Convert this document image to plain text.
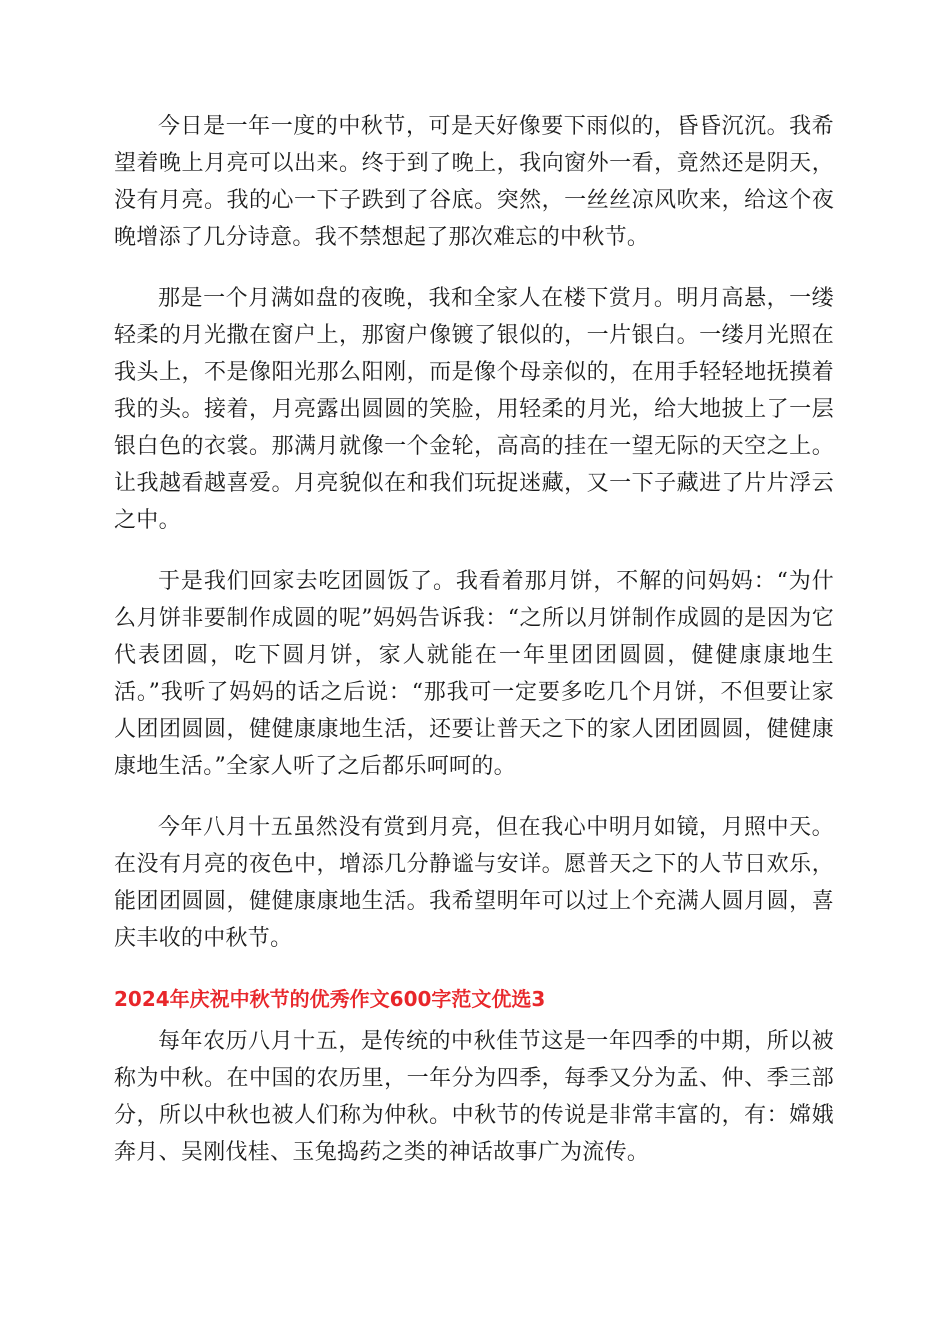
今日是一年一度的中秋节，可是天好像要下雨似的，昏昏沉沉。我希望着晚上月亮可以出来。终于到了晚上，我向窗外一看，竟然还是阴天，没有月亮。我的心一下子跌到了谷底。突然，一丝丝凉风吹来，给这个夜晚增添了几分诗意。我不禁想起了那次难忘的中秋节。

那是一个月满如盘的夜晚，我和全家人在楼下赏月。明月高悬，一缕轻柔的月光撒在窗户上，那窗户像镀了银似的，一片银白。一缕月光照在我头上，不是像阳光那么阳刚，而是像个母亲似的，在用手轻轻地抚摸着我的头。接着，月亮露出圆圆的笑脸，用轻柔的月光，给大地披上了一层银白色的衣裳。那满月就像一个金轮，高高的挂在一望无际的天空之上。让我越看越喜爱。月亮貌似在和我们玩捉迷藏，又一下子藏进了片片浮云之中。

于是我们回家去吃团圆饭了。我看着那月饼，不解的问妈妈：“为什么月饼非要制作成圆的呢”妈妈告诉我：“之所以月饼制作成圆的是因为它代表团圆，吃下圆月饼，家人就能在一年里团团圆圆，健健康康地生活。”我听了妈妈的话之后说：“那我可一定要多吃几个月饼，不但要让家人团团圆圆，健健康康地生活，还要让普天之下的家人团团圆圆，健健康康地生活。”全家人听了之后都乐呵呵的。

今年八月十五虽然没有赏到月亮，但在我心中明月如镜，月照中天。在没有月亮的夜色中，增添几分静谧与安详。愿普天之下的人节日欢乐，能团团圆圆，健健康康地生活。我希望明年可以过上个充满人圆月圆，喜庆丰收的中秋节。

2024年庆祝中秋节的优秀作文600字范文优选3

每年农历八月十五，是传统的中秋佳节这是一年四季的中期，所以被称为中秋。在中国的农历里，一年分为四季，每季又分为孟、仲、季三部分，所以中秋也被人们称为仲秋。中秋节的传说是非常丰富的，有：嫦娥奔月、吴刚伐桂、玉兔捣药之类的神话故事广为流传。
